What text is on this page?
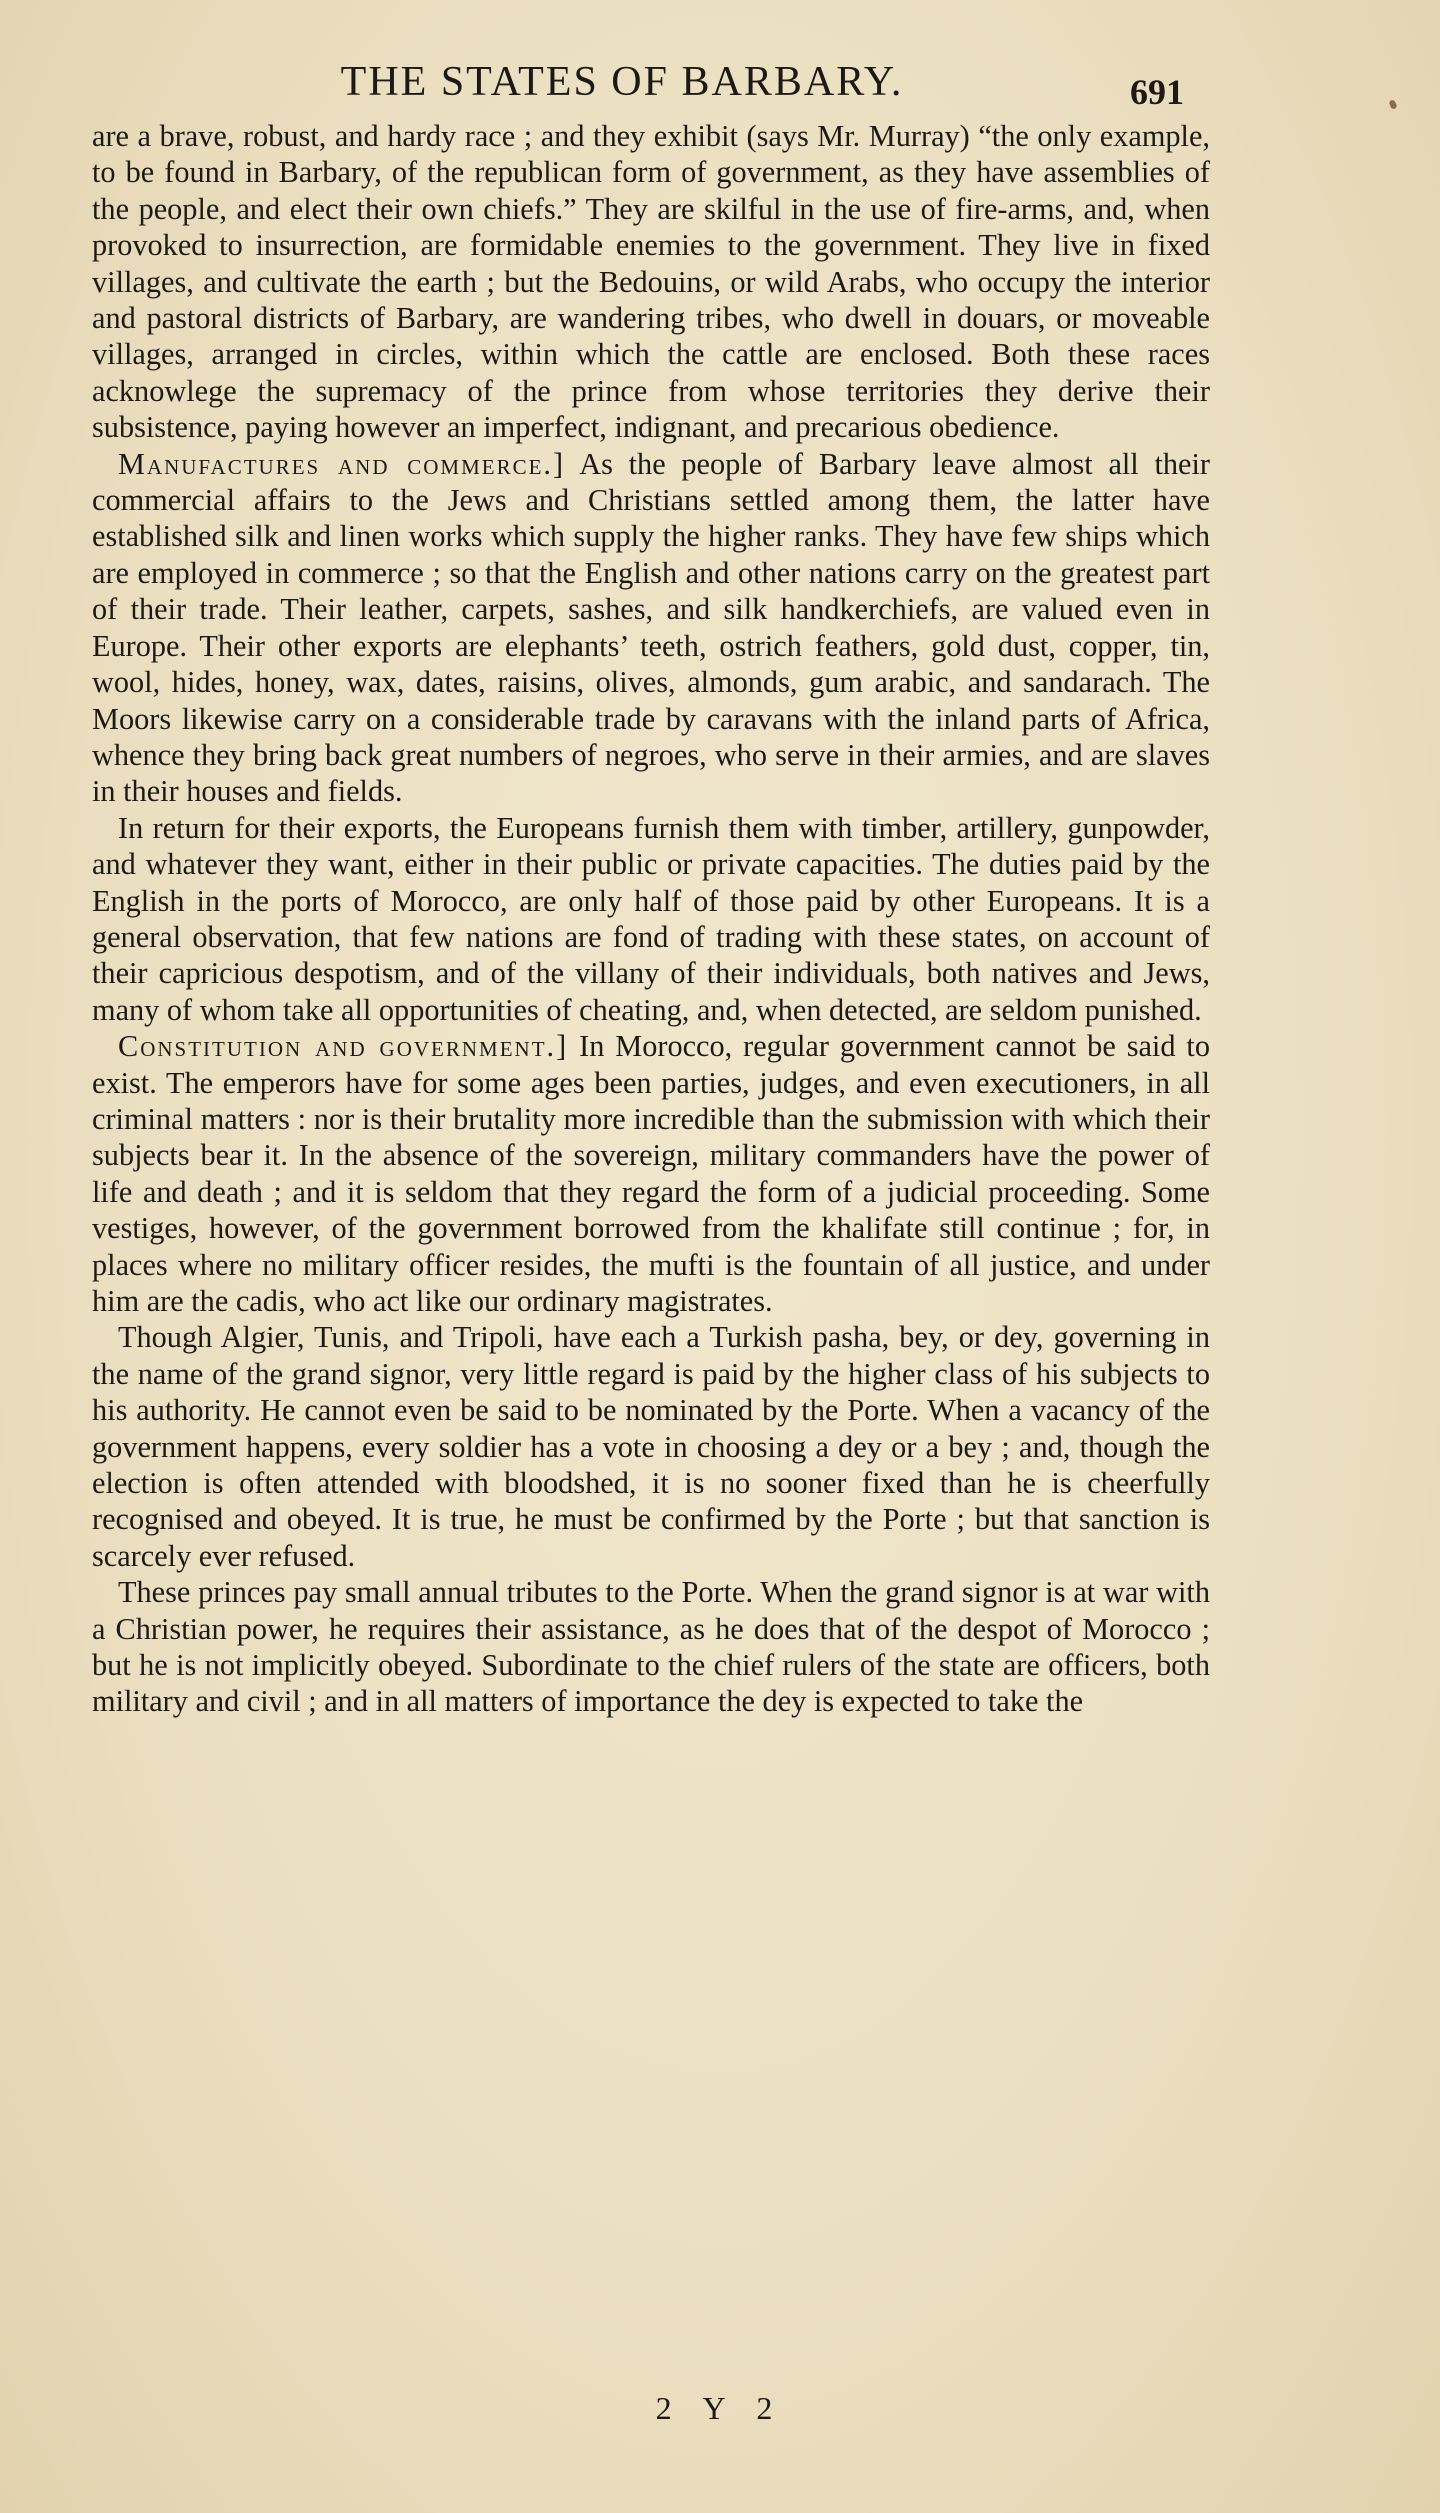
THE STATES OF BARBARY.	691

are a brave, robust, and hardy race ; and they exhibit (says Mr. Murray) “the only example, to be found in Barbary, of the republican form of government, as they have assemblies of the people, and elect their own chiefs.” They are skilful in the use of fire-arms, and, when provoked to insurrection, are formidable enemies to the government. They live in fixed villages, and cultivate the earth ; but the Bedouins, or wild Arabs, who occupy the interior and pastoral districts of Barbary, are wandering tribes, who dwell in douars, or moveable villages, arranged in circles, within which the cattle are enclosed. Both these races acknowlege the supremacy of the prince from whose territories they derive their subsistence, paying however an imperfect, indignant, and precarious obedience.

Manufactures and commerce.] As the people of Barbary leave almost all their commercial affairs to the Jews and Christians settled among them, the latter have established silk and linen works which supply the higher ranks. They have few ships which are employed in commerce ; so that the English and other nations carry on the greatest part of their trade. Their leather, carpets, sashes, and silk handkerchiefs, are valued even in Europe. Their other exports are elephants’ teeth, ostrich feathers, gold dust, copper, tin, wool, hides, honey, wax, dates, raisins, olives, almonds, gum arabic, and sandarach. The Moors likewise carry on a considerable trade by caravans with the inland parts of Africa, whence they bring back great numbers of negroes, who serve in their armies, and are slaves in their houses and fields.

In return for their exports, the Europeans furnish them with timber, artillery, gunpowder, and whatever they want, either in their public or private capacities. The duties paid by the English in the ports of Morocco, are only half of those paid by other Europeans. It is a general observation, that few nations are fond of trading with these states, on account of their capricious despotism, and of the villany of their individuals, both natives and Jews, many of whom take all opportunities of cheating, and, when detected, are seldom punished.

Constitution and government.] In Morocco, regular government cannot be said to exist. The emperors have for some ages been parties, judges, and even executioners, in all criminal matters : nor is their brutality more incredible than the submission with which their subjects bear it. In the absence of the sovereign, military commanders have the power of life and death ; and it is seldom that they regard the form of a judicial proceeding. Some vestiges, however, of the government borrowed from the khalifate still continue ; for, in places where no military officer resides, the mufti is the fountain of all justice, and under him are the cadis, who act like our ordinary magistrates.

Though Algier, Tunis, and Tripoli, have each a Turkish pasha, bey, or dey, governing in the name of the grand signor, very little regard is paid by the higher class of his subjects to his authority. He cannot even be said to be nominated by the Porte. When a vacancy of the government happens, every soldier has a vote in choosing a dey or a bey ; and, though the election is often attended with bloodshed, it is no sooner fixed than he is cheerfully recognised and obeyed. It is true, he must be confirmed by the Porte ; but that sanction is scarcely ever refused.

These princes pay small annual tributes to the Porte. When the grand signor is at war with a Christian power, he requires their assistance, as he does that of the despot of Morocco ; but he is not implicitly obeyed. Subordinate to the chief rulers of the state are officers, both military and civil ; and in all matters of importance the dey is expected to take the

2 Y 2
